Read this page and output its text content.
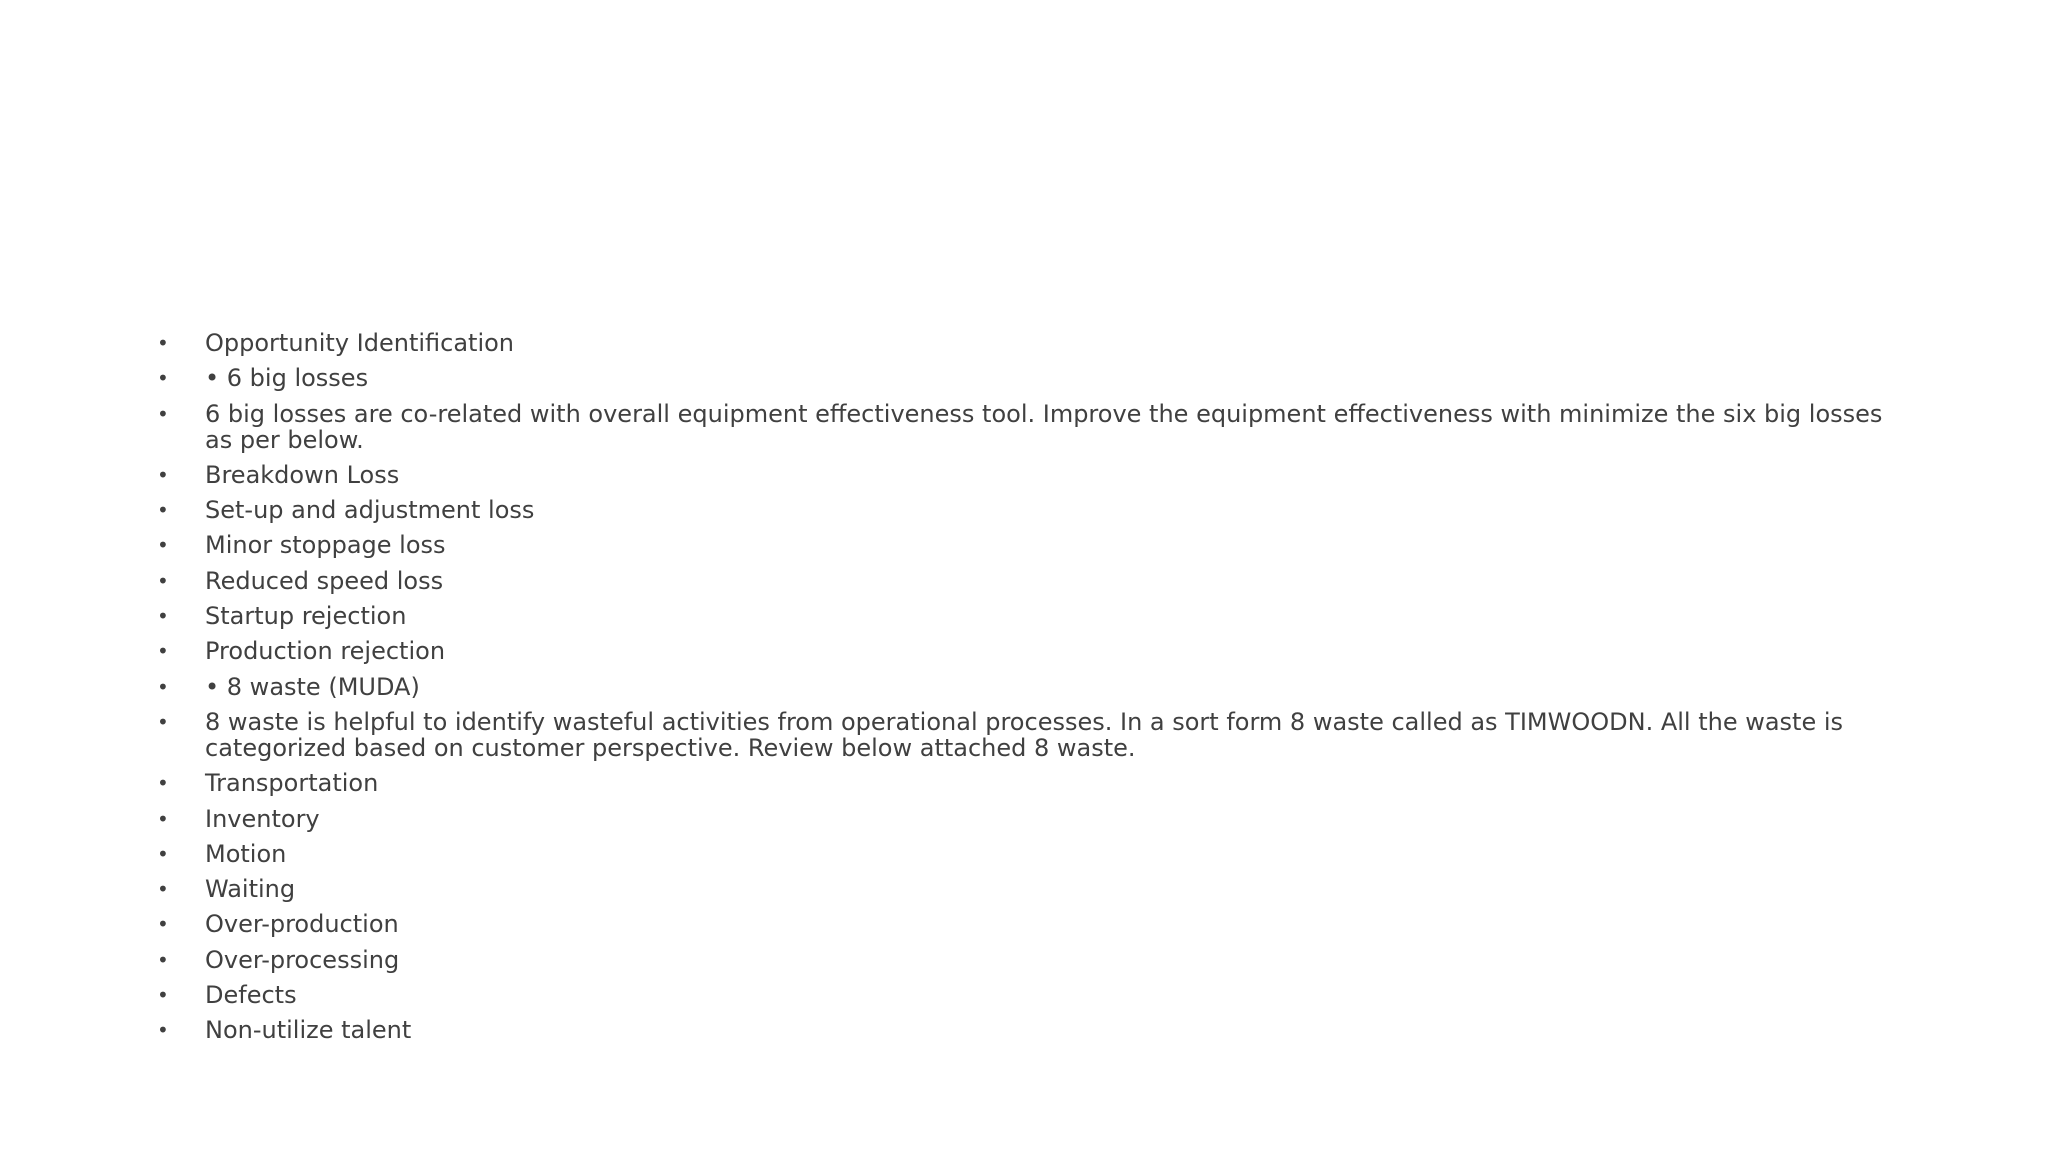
• Opportunity Identification
• • 6 big losses
• 6 big losses are co-related with overall equipment effectiveness tool. Improve the equipment effectiveness with minimize the six big losses as per below.
• Breakdown Loss
• Set-up and adjustment loss
• Minor stoppage loss
• Reduced speed loss
• Startup rejection
• Production rejection
• • 8 waste (MUDA)
• 8 waste is helpful to identify wasteful activities from operational processes. In a sort form 8 waste called as TIMWOODN. All the waste is categorized based on customer perspective. Review below attached 8 waste.
• Transportation
• Inventory
• Motion
• Waiting
• Over-production
• Over-processing
• Defects
• Non-utilize talent
